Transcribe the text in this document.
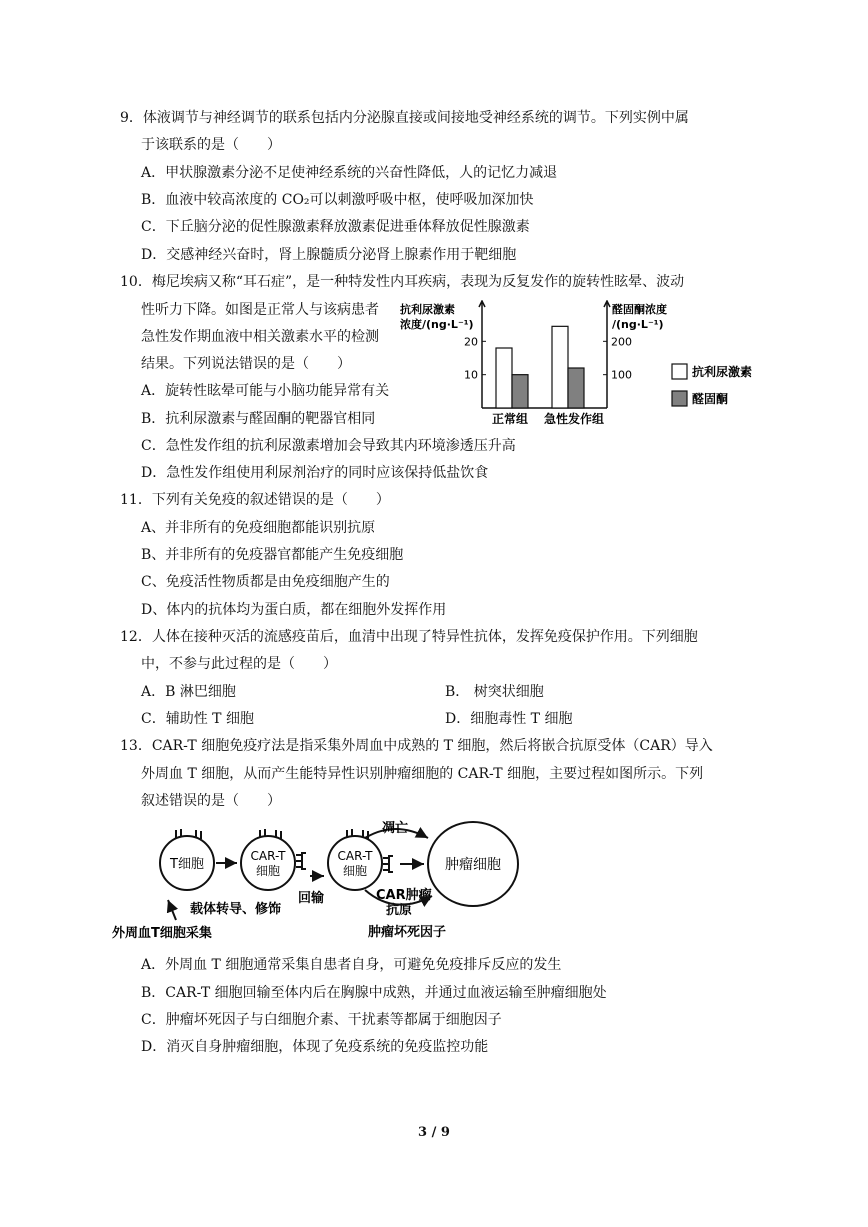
9．体液调节与神经调节的联系包括内分泌腺直接或间接地受神经系统的调节。下列实例中属
于该联系的是（　　）
A．甲状腺激素分泌不足使神经系统的兴奋性降低，人的记忆力减退
B．血液中较高浓度的 CO₂可以刺激呼吸中枢，使呼吸加深加快
C．下丘脑分泌的促性腺激素释放激素促进垂体释放促性腺激素
D．交感神经兴奋时，肾上腺髓质分泌肾上腺素作用于靶细胞
10．梅尼埃病又称“耳石症”，是一种特发性内耳疾病，表现为反复发作的旋转性眩晕、波动
性听力下降。如图是正常人与该病患者
急性发作期血液中相关激素水平的检测
结果。下列说法错误的是（　　）
A．旋转性眩晕可能与小脑功能异常有关
B．抗利尿激素与醛固酮的靶器官相同
C．急性发作组的抗利尿激素增加会导致其内环境渗透压升高
D．急性发作组使用利尿剂治疗的同时应该保持低盐饮食
10
20
100
200
抗利尿激素
浓度/(ng·L⁻¹)
醛固酮浓度
/(ng·L⁻¹)
正常组 急性发作组
抗利尿激素
醛固酮
11．下列有关免疫的叙述错误的是（　　）
A、并非所有的免疫细胞都能识别抗原
B、并非所有的免疫器官都能产生免疫细胞
C、免疫活性物质都是由免疫细胞产生的
D、体内的抗体均为蛋白质，都在细胞外发挥作用
12．人体在接种灭活的流感疫苗后，血清中出现了特异性抗体，发挥免疫保护作用。下列细胞
中，不参与此过程的是（　　）
A．B 淋巴细胞	B． 树突状细胞
C．辅助性 T 细胞	D．细胞毒性 T 细胞
13．CAR-T 细胞免疫疗法是指采集外周血中成熟的 T 细胞，然后将嵌合抗原受体（CAR）导入
外周血 T 细胞，从而产生能特异性识别肿瘤细胞的 CAR-T 细胞，主要过程如图所示。下列
叙述错误的是（　　）
T细胞
CAR-T
细胞
回输
CAR-T
细胞	肿瘤细胞
凋亡
CAR肿瘤
抗原
肿瘤坏死因子
载体转导、修饰
外周血T细胞采集
A．外周血 T 细胞通常采集自患者自身，可避免免疫排斥反应的发生
B．CAR-T 细胞回输至体内后在胸腺中成熟，并通过血液运输至肿瘤细胞处
C．肿瘤坏死因子与白细胞介素、干扰素等都属于细胞因子
D．消灭自身肿瘤细胞，体现了免疫系统的免疫监控功能
3 / 9
